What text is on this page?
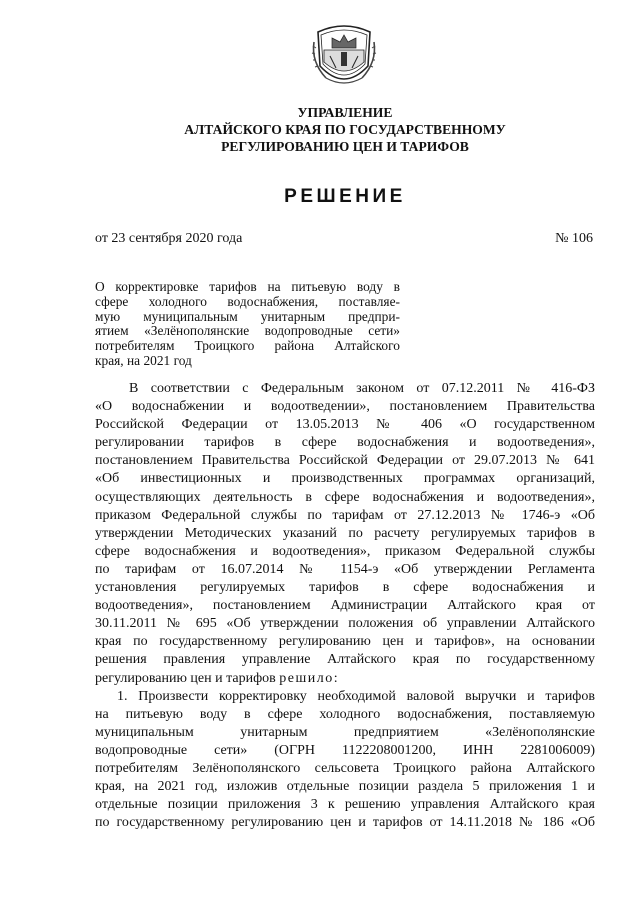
УПРАВЛЕНИЕ
АЛТАЙСКОГО КРАЯ ПО ГОСУДАРСТВЕННОМУ
РЕГУЛИРОВАНИЮ ЦЕН И ТАРИФОВ
РЕШЕНИЕ
от 23 сентября 2020 года	№ 106
О корректировке тарифов на питьевую воду в
сфере холодного водоснабжения, поставляе-
мую муниципальным унитарным предпри-
ятием «Зелёнополянские водопроводные сети»
потребителям Троицкого района Алтайского
края, на 2021 год
В соответствии с Федеральным законом от 07.12.2011 № 416-ФЗ
«О водоснабжении и водоотведении», постановлением Правительства
Российской Федерации от 13.05.2013 № 406 «О государственном
регулировании тарифов в сфере водоснабжения и водоотведения»,
постановлением Правительства Российской Федерации от 29.07.2013 № 641
«Об инвестиционных и производственных программах организаций,
осуществляющих деятельность в сфере водоснабжения и водоотведения»,
приказом Федеральной службы по тарифам от 27.12.2013 № 1746-э «Об
утверждении Методических указаний по расчету регулируемых тарифов в
сфере водоснабжения и водоотведения», приказом Федеральной службы
по тарифам от 16.07.2014 № 1154-э «Об утверждении Регламента
установления регулируемых тарифов в сфере водоснабжения и
водоотведения», постановлением Администрации Алтайского края от
30.11.2011 № 695 «Об утверждении положения об управлении Алтайского
края по государственному регулированию цен и тарифов», на основании
решения правления управление Алтайского края по государственному
регулированию цен и тарифов решило:
1. Произвести корректировку необходимой валовой выручки и тарифов
на питьевую воду в сфере холодного водоснабжения, поставляемую
муниципальным унитарным предприятием «Зелёнополянские
водопроводные сети» (ОГРН 1122208001200, ИНН 2281006009)
потребителям Зелёнополянского сельсовета Троицкого района Алтайского
края, на 2021 год, изложив отдельные позиции раздела 5 приложения 1 и
отдельные позиции приложения 3 к решению управления Алтайского края
по государственному регулированию цен и тарифов от 14.11.2018 № 186 «Об
